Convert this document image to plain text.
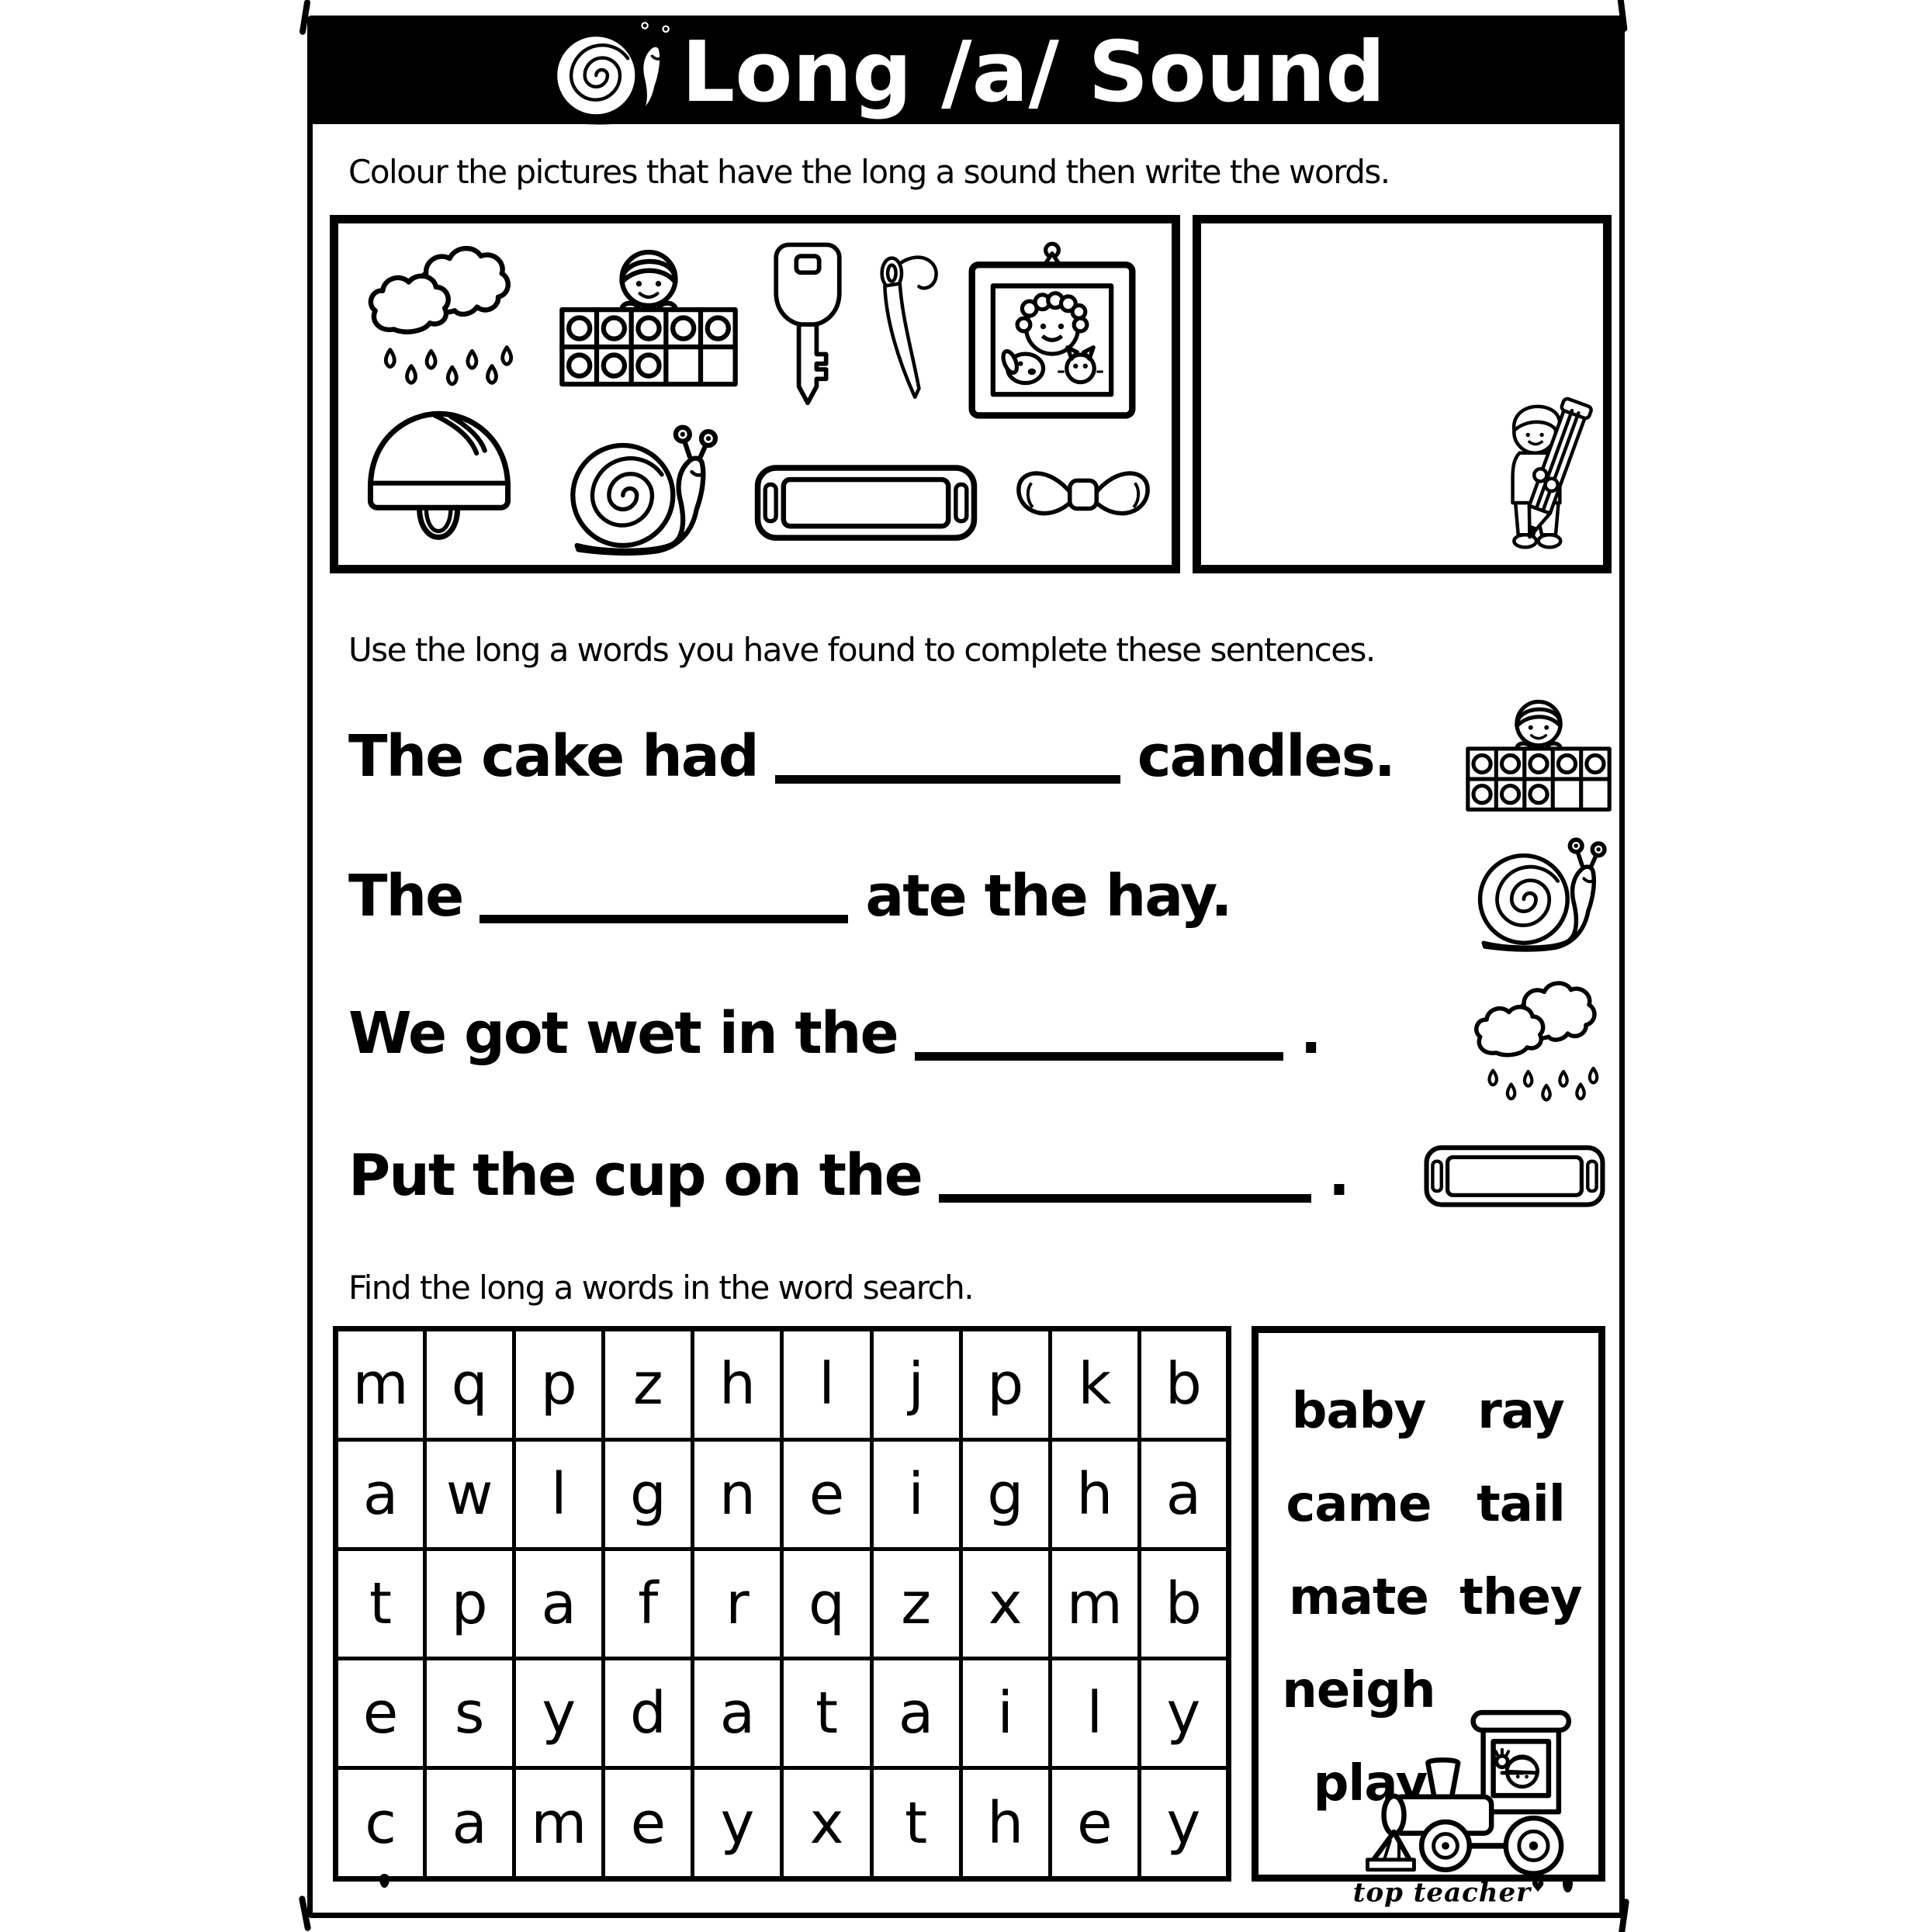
Long /a/ Sound
Colour the pictures that have the long a sound then write the words.
Use the long a words you have found to complete these sentences.
The cake had	candles.
The	ate the hay.
We got wet in the	.
Put the cup on the	.
Find the long a words in the word search.
m	q	p	z	h	l	j	p	k	b
a	w	l	g	n	e	i	g	h	a
t	p	a	f	r	q	z	x	m	b
e	s	y	d	a	t	a	i	l	y
c	a	m	e	y	x	t	h	e	y
baby ray
came tail
mate they
neigh
play
top teacher♥
